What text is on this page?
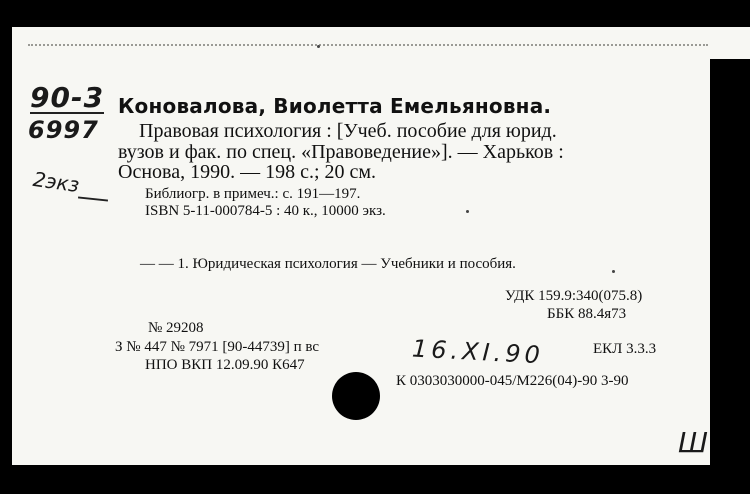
90-3
6997
2экз
Коновалова, Виолетта Емельяновна.
Правовая психология : [Учеб. пособие для юрид.
вузов и фак. по спец. «Правоведение»]. — Харьков :
Основа, 1990. — 198 с.; 20 см.
Библиогр. в примеч.: с. 191—197.
ISBN 5-11-000784-5 : 40 к., 10000 экз.
— — 1. Юридическая психология — Учебники и пособия.
УДК 159.9:340(075.8)
ББК 88.4я73
№ 29208
З № 447 № 7971 [90-44739] п вс
НПО ВКП 12.09.90 К647
ЕКЛ 3.3.3
16.XI.90
К 0303030000-045/М226(04)-90 3-90
Ш
